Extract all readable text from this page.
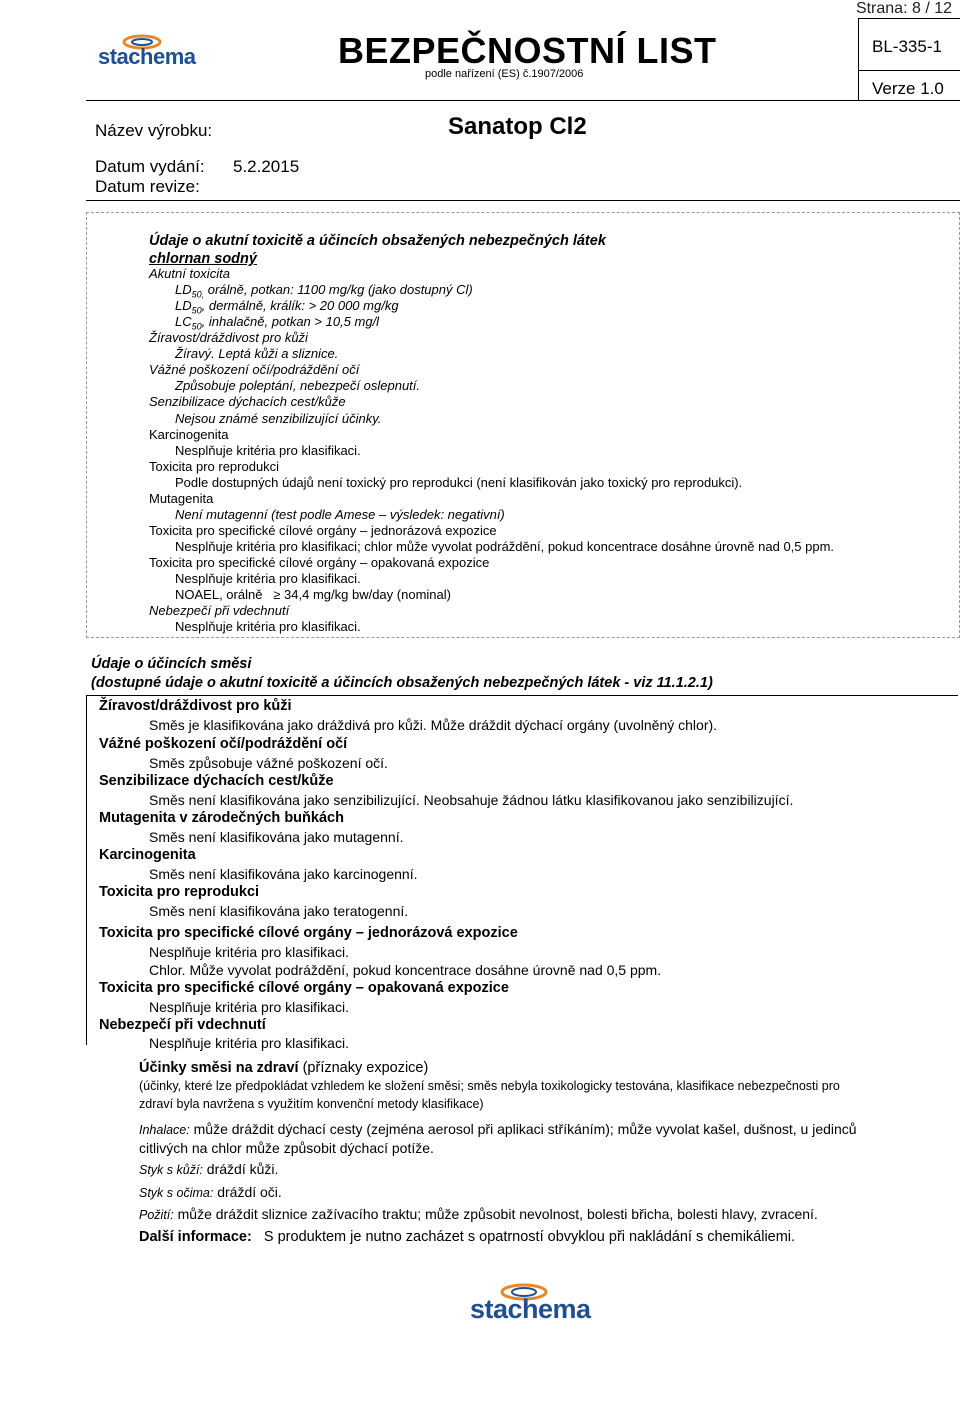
Strana: 8 / 12
stachema	BEZPEČNOSTNÍ LIST
podle nařízení (ES) č.1907/2006
BL-335-1
Verze 1.0
Název výrobku:	Sanatop Cl2
Datum vydání: 5.2.2015
Datum revize:
Údaje o akutní toxicitě a účincích obsažených nebezpečných látek
chlornan sodný
Akutní toxicita
$LD_{50,}$ orálně, potkan: 1100 mg/kg (jako dostupný Cl)
$LD_{50}$, dermálně, králík: > 20 000 mg/kg
$LC_{50}$, inhalačně, potkan > 10,5 mg/l
Žíravost/dráždivost pro kůži
Žíravý. Leptá kůži a sliznice.
Vážné poškození očí/podráždění očí
Způsobuje poleptání, nebezpečí oslepnutí.
Senzibilizace dýchacích cest/kůže
Nejsou známé senzibilizující účinky.
Karcinogenita
Nesplňuje kritéria pro klasifikaci.
Toxicita pro reprodukci
Podle dostupných údajů není toxický pro reprodukci (není klasifikován jako toxický pro reprodukci).
Mutagenita
Není mutagenní (test podle Amese – výsledek: negativní)
Toxicita pro specifické cílové orgány – jednorázová expozice
Nesplňuje kritéria pro klasifikaci; chlor může vyvolat podráždění, pokud koncentrace dosáhne úrovně nad 0,5 ppm.
Toxicita pro specifické cílové orgány – opakovaná expozice
Nesplňuje kritéria pro klasifikaci.
NOAEL, orálně ≥ 34,4 mg/kg bw/day (nominal)
Nebezpečí při vdechnutí
Nesplňuje kritéria pro klasifikaci.
Údaje o účincích směsi
(dostupné údaje o akutní toxicitě a účincích obsažených nebezpečných látek - viz 11.1.2.1)
Žíravost/dráždivost pro kůži
Směs je klasifikována jako dráždivá pro kůži. Může dráždit dýchací orgány (uvolněný chlor).
Vážné poškození očí/podráždění očí
Směs způsobuje vážné poškození očí.
Senzibilizace dýchacích cest/kůže
Směs není klasifikována jako senzibilizující. Neobsahuje žádnou látku klasifikovanou jako senzibilizující.
Mutagenita v zárodečných buňkách
Směs není klasifikována jako mutagenní.
Karcinogenita
Směs není klasifikována jako karcinogenní.
Toxicita pro reprodukci
Směs není klasifikována jako teratogenní.
Toxicita pro specifické cílové orgány – jednorázová expozice
Nesplňuje kritéria pro klasifikaci.
Chlor. Může vyvolat podráždění, pokud koncentrace dosáhne úrovně nad 0,5 ppm.
Toxicita pro specifické cílové orgány – opakovaná expozice
Nesplňuje kritéria pro klasifikaci.
Nebezpečí při vdechnutí
Nesplňuje kritéria pro klasifikaci.
Účinky směsi na zdraví (příznaky expozice)
(účinky, které lze předpokládat vzhledem ke složení směsi; směs nebyla toxikologicky testována, klasifikace nebezpečnosti pro
zdraví byla navržena s využitím konvenční metody klasifikace)
Inhalace: může dráždit dýchací cesty (zejména aerosol při aplikaci stříkáním); může vyvolat kašel, dušnost, u jedinců
citlivých na chlor může způsobit dýchací potíže.
Styk s kůží: dráždí kůži.
Styk s očima: dráždí oči.
Požití: může dráždit sliznice zažívacího traktu; může způsobit nevolnost, bolesti břicha, bolesti hlavy, zvracení.
Další informace: S produktem je nutno zacházet s opatrností obvyklou při nakládání s chemikáliemi.
stachema
